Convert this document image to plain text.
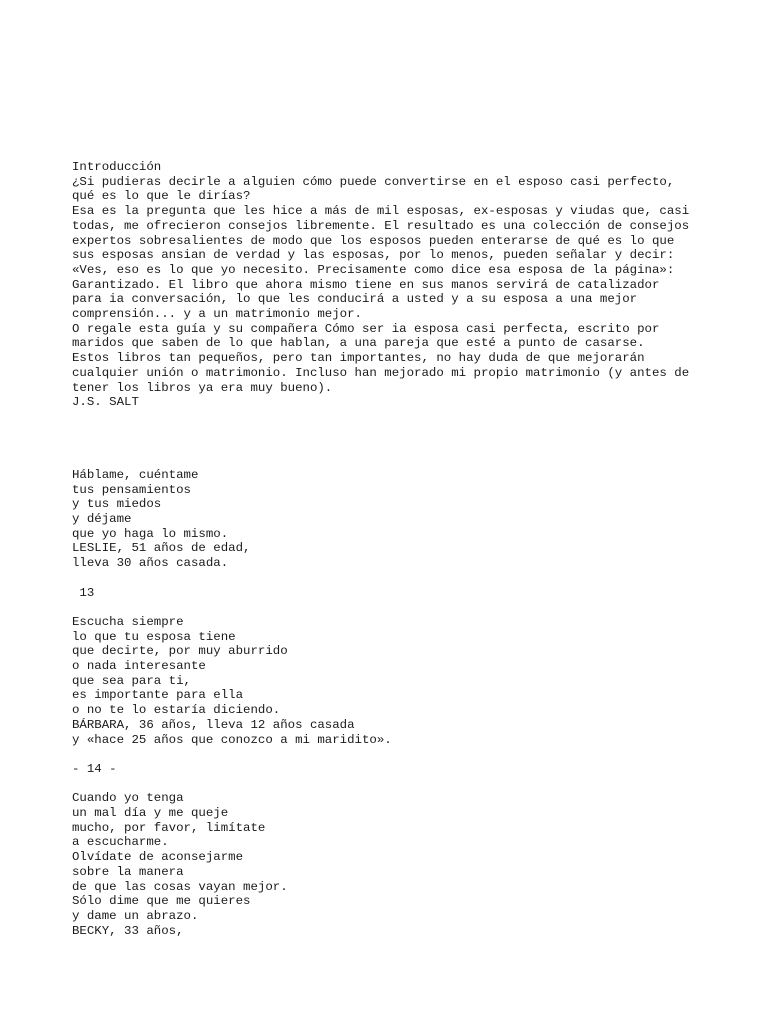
Introducción
¿Si pudieras decirle a alguien cómo puede convertirse en el esposo casi perfecto,
qué es lo que le dirías?
Esa es la pregunta que les hice a más de mil esposas, ex-esposas y viudas que, casi
todas, me ofrecieron consejos libremente. El resultado es una colección de consejos
expertos sobresalientes de modo que los esposos pueden enterarse de qué es lo que
sus esposas ansian de verdad y las esposas, por lo menos, pueden señalar y decir:
«Ves, eso es lo que yo necesito. Precisamente como dice esa esposa de la página»:
Garantizado. El libro que ahora mismo tiene en sus manos servirá de catalizador
para ia conversación, lo que les conducirá a usted y a su esposa a una mejor
comprensión... y a un matrimonio mejor.
O regale esta guía y su compañera Cómo ser ia esposa casi perfecta, escrito por
maridos que saben de lo que hablan, a una pareja que esté a punto de casarse.
Estos libros tan pequeños, pero tan importantes, no hay duda de que mejorarán
cualquier unión o matrimonio. Incluso han mejorado mi propio matrimonio (y antes de
tener los libros ya era muy bueno).
J.S. SALT
Háblame, cuéntame
tus pensamientos
y tus miedos
y déjame
que yo haga lo mismo.
LESLIE, 51 años de edad,
lleva 30 años casada.
13
Escucha siempre
lo que tu esposa tiene
que decirte, por muy aburrido
o nada interesante
que sea para ti,
es importante para ella
o no te lo estaría diciendo.
BÁRBARA, 36 años, lleva 12 años casada
y «hace 25 años que conozco a mi maridito».
- 14 -
Cuando yo tenga
un mal día y me queje
mucho, por favor, limítate
a escucharme.
Olvídate de aconsejarme
sobre la manera
de que las cosas vayan mejor.
Sólo dime que me quieres
y dame un abrazo.
BECKY, 33 años,
